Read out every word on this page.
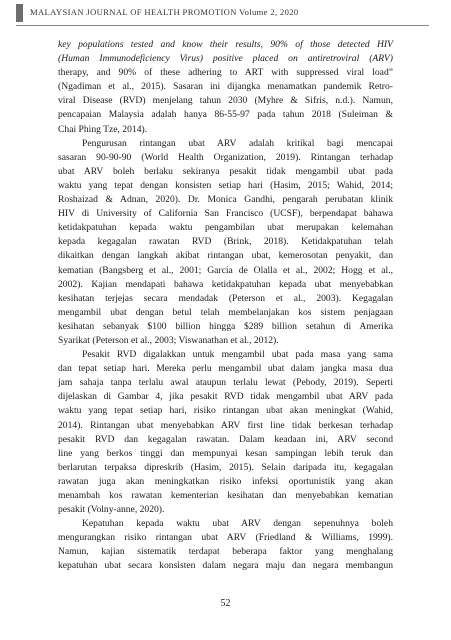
MALAYSIAN JOURNAL OF HEALTH PROMOTION Volume 2, 2020
key populations tested and know their results, 90% of those detected HIV
(Human Immunodeficiency Virus) positive placed on antiretroviral (ARV)
therapy, and 90% of these adhering to ART with suppressed viral load”
(Ngadiman et al., 2015). Sasaran ini dijangka menamatkan pandemik Retro-
viral Disease (RVD) menjelang tahun 2030 (Myhre & Sifris, n.d.). Namun,
pencapaian Malaysia adalah hanya 86-55-97 pada tahun 2018 (Suleiman &
Chai Phing Tze, 2014).
Pengurusan rintangan ubat ARV adalah kritikal bagi mencapai
sasaran 90-90-90 (World Health Organization, 2019). Rintangan terhadap
ubat ARV boleh berlaku sekiranya pesakit tidak mengambil ubat pada
waktu yang tepat dengan konsisten setiap hari (Hasim, 2015; Wahid, 2014;
Roshaizad & Adnan, 2020). Dr. Monica Gandhi, pengarah perubatan klinik
HIV di University of California San Francisco (UCSF), berpendapat bahawa
ketidakpatuhan kepada waktu pengambilan ubat merupakan kelemahan
kepada kegagalan rawatan RVD (Brink, 2018). Ketidakpatuhan telah
dikaitkan dengan langkah akibat rintangan ubat, kemerosotan penyakit, dan
kematian (Bangsberg et al., 2001; García de Olalla et al., 2002; Hogg et al.,
2002). Kajian mendapati bahawa ketidakpatuhan kepada ubat menyebabkan
kesihatan terjejas secara mendadak (Peterson et al., 2003). Kegagalan
mengambil ubat dengan betul telah membelanjakan kos sistem penjagaan
kesihatan sebanyak $100 billion hingga $289 billion setahun di Amerika
Syarikat (Peterson et al., 2003; Viswanathan et al., 2012).
Pesakit RVD digalakkan untuk mengambil ubat pada masa yang sama
dan tepat setiap hari. Mereka perlu mengambil ubat dalam jangka masa dua
jam sahaja tanpa terlalu awal ataupun terlalu lewat (Pebody, 2019). Seperti
dijelaskan di Gambar 4, jika pesakit RVD tidak mengambil ubat ARV pada
waktu yang tepat setiap hari, risiko rintangan ubat akan meningkat (Wahid,
2014). Rintangan ubat menyebabkan ARV first line tidak berkesan terhadap
pesakit RVD dan kegagalan rawatan. Dalam keadaan ini, ARV second
line yang berkos tinggi dan mempunyai kesan sampingan lebih teruk dan
berlarutan terpaksa dipreskrib (Hasim, 2015). Selain daripada itu, kegagalan
rawatan juga akan meningkatkan risiko infeksi oportunistik yang akan
menambah kos rawatan kementerian kesihatan dan menyebabkan kematian
pesakit (Volny-anne, 2020).
Kepatuhan kepada waktu ubat ARV dengan sepenuhnya boleh
mengurangkan risiko rintangan ubat ARV (Friedland & Williams, 1999).
Namun, kajian sistematik terdapat beberapa faktor yang menghalang
kepatuhan ubat secara konsisten dalam negara maju dan negara membangun
52
